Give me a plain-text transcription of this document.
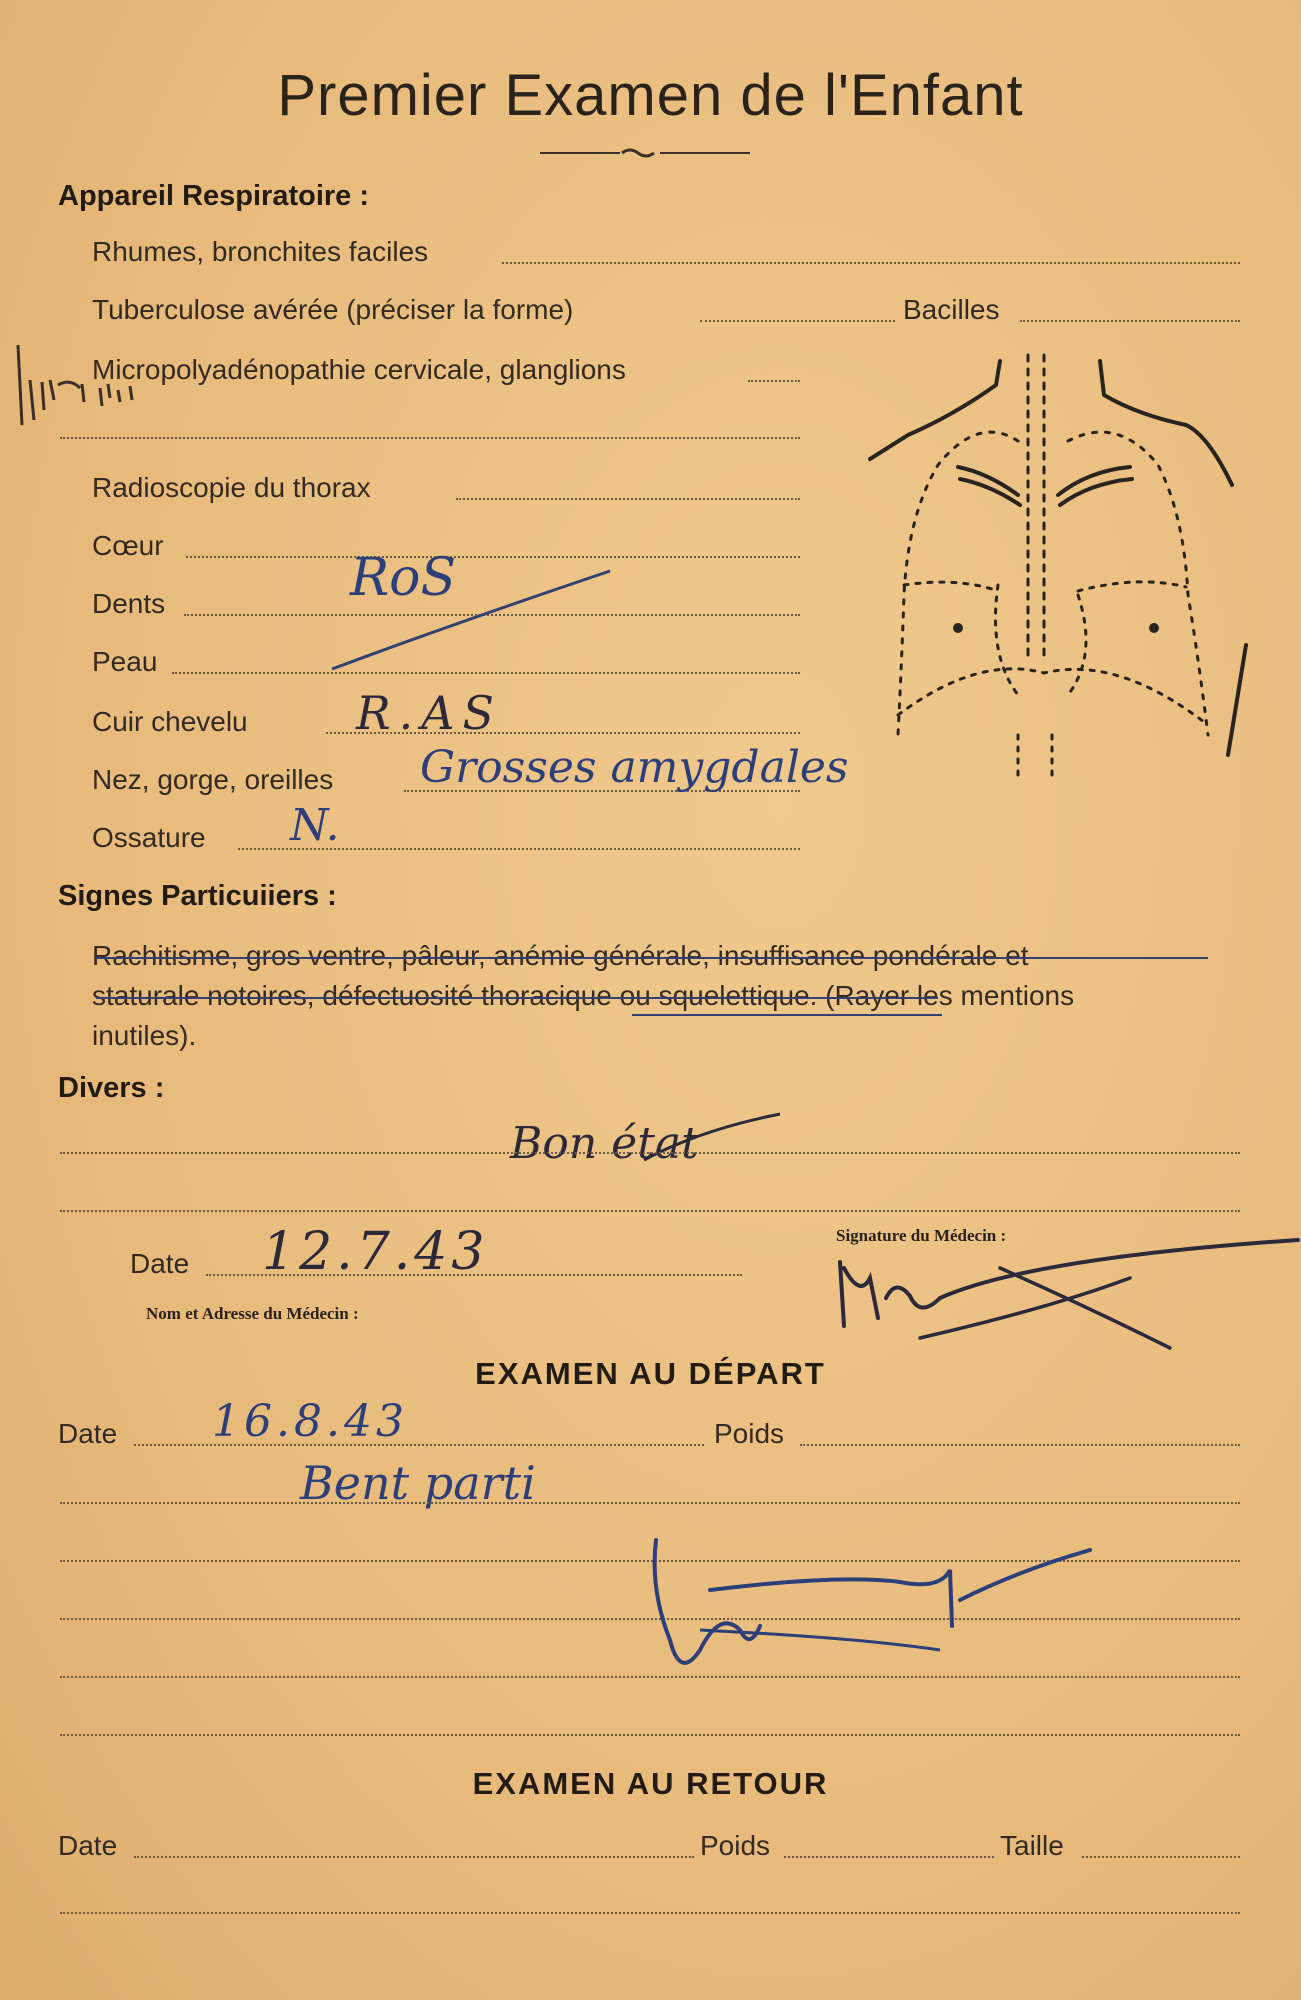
Premier Examen de l'Enfant
Appareil Respiratoire :
Rhumes, bronchites faciles
Tuberculose avérée (préciser la forme)	Bacilles
Micropolyadénopathie cervicale, glanglions
Radioscopie du thorax
Cœur
Dents	RoS
Peau
Cuir chevelu R.AS
Nez, gorge, oreilles Grosses amygdales
Ossature N.
Signes Particuiiers :
Rachitisme, gros ventre, pâleur, anémie générale, insuffisance pondérale et
staturale notoires, défectuosité thoracique ou squelettique. (Rayer les mentions
inutiles).
Divers :
Bon état
Date 12.7.43	Signature du Médecin :
Nom et Adresse du Médecin :
EXAMEN AU DÉPART
Date 16.8.43	Poids
Bent parti
EXAMEN AU RETOUR
Date	Poids	Taille
